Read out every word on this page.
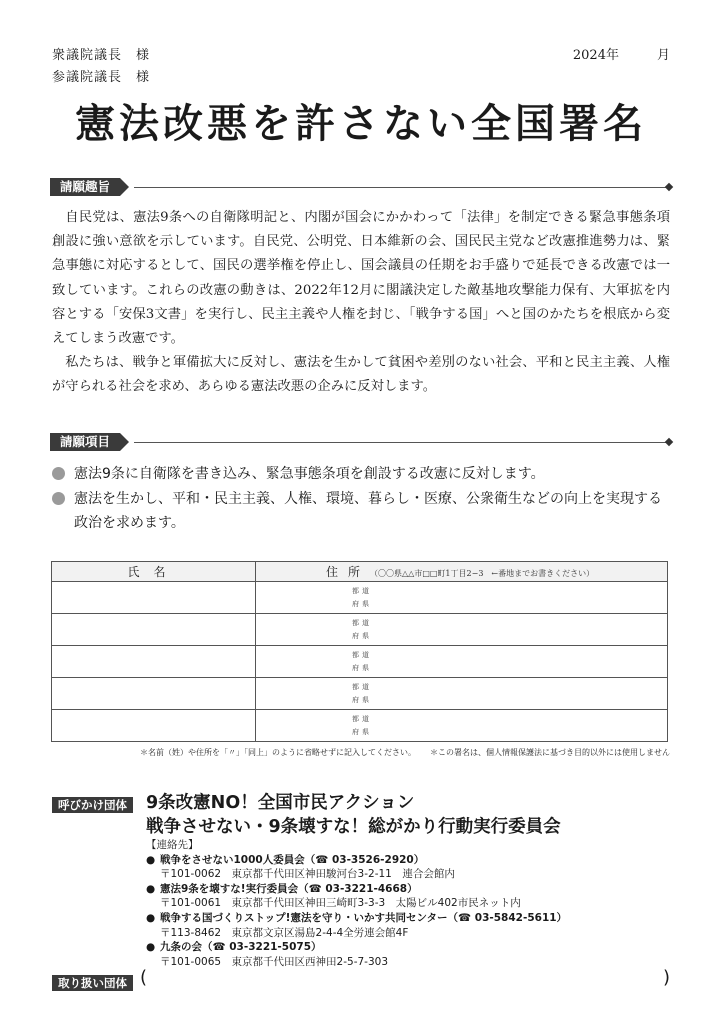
衆議院議長　様
参議院議長　様
2024年	月
憲法改悪を許さない全国署名
請願趣旨

自民党は、憲法9条への自衛隊明記と、内閣が国会にかかわって「法律」を制定できる緊急事態条項創設に強い意欲を示しています。自民党、公明党、日本維新の会、国民民主党など改憲推進勢力は、緊急事態に対応するとして、国民の選挙権を停止し、国会議員の任期をお手盛りで延長できる改憲では一致しています。これらの改憲の動きは、2022年12月に閣議決定した敵基地攻撃能力保有、大軍拡を内容とする「安保3文書」を実行し、民主主義や人権を封じ、「戦争する国」へと国のかたちを根底から変えてしまう改憲です。

私たちは、戦争と軍備拡大に反対し、憲法を生かして貧困や差別のない社会、平和と民主主義、人権が守られる社会を求め、あらゆる憲法改悪の企みに反対します。

請願項目
憲法9条に自衛隊を書き込み、緊急事態条項を創設する改憲に反対します。
憲法を生かし、平和・民主主義、人権、環境、暮らし・医療、公衆衛生などの向上を実現する政治を求めます。
氏名	住所（〇〇県△△市□□町1丁目2−3　←番地までお書きください）

	都道
府県

	都道
府県

	都道
府県

	都道
府県

	都道
府県
＊名前（姓）や住所を「〃」「同上」のように省略せずに記入してください。 ＊この署名は、個人情報保護法に基づき目的以外には使用しません
呼びかけ団体	9条改憲NO！全国市民アクション
戦争させない・9条壊すな！総がかり行動実行委員会
【連絡先】
● 戦争をさせない1000人委員会（☎ 03-3526-2920）
〒101-0062　東京都千代田区神田駿河台3-2-11　連合会館内
● 憲法9条を壊すな!実行委員会（☎ 03-3221-4668）
〒101-0061　東京都千代田区神田三崎町3-3-3　太陽ビル402市民ネット内
● 戦争する国づくりストップ!憲法を守り・いかす共同センター（☎ 03-5842-5611）
〒113-8462　東京都文京区湯島2-4-4全労連会館4F
● 九条の会（☎ 03-3221-5075）
〒101-0065　東京都千代田区西神田2-5-7-303
取り扱い団体 (	)
